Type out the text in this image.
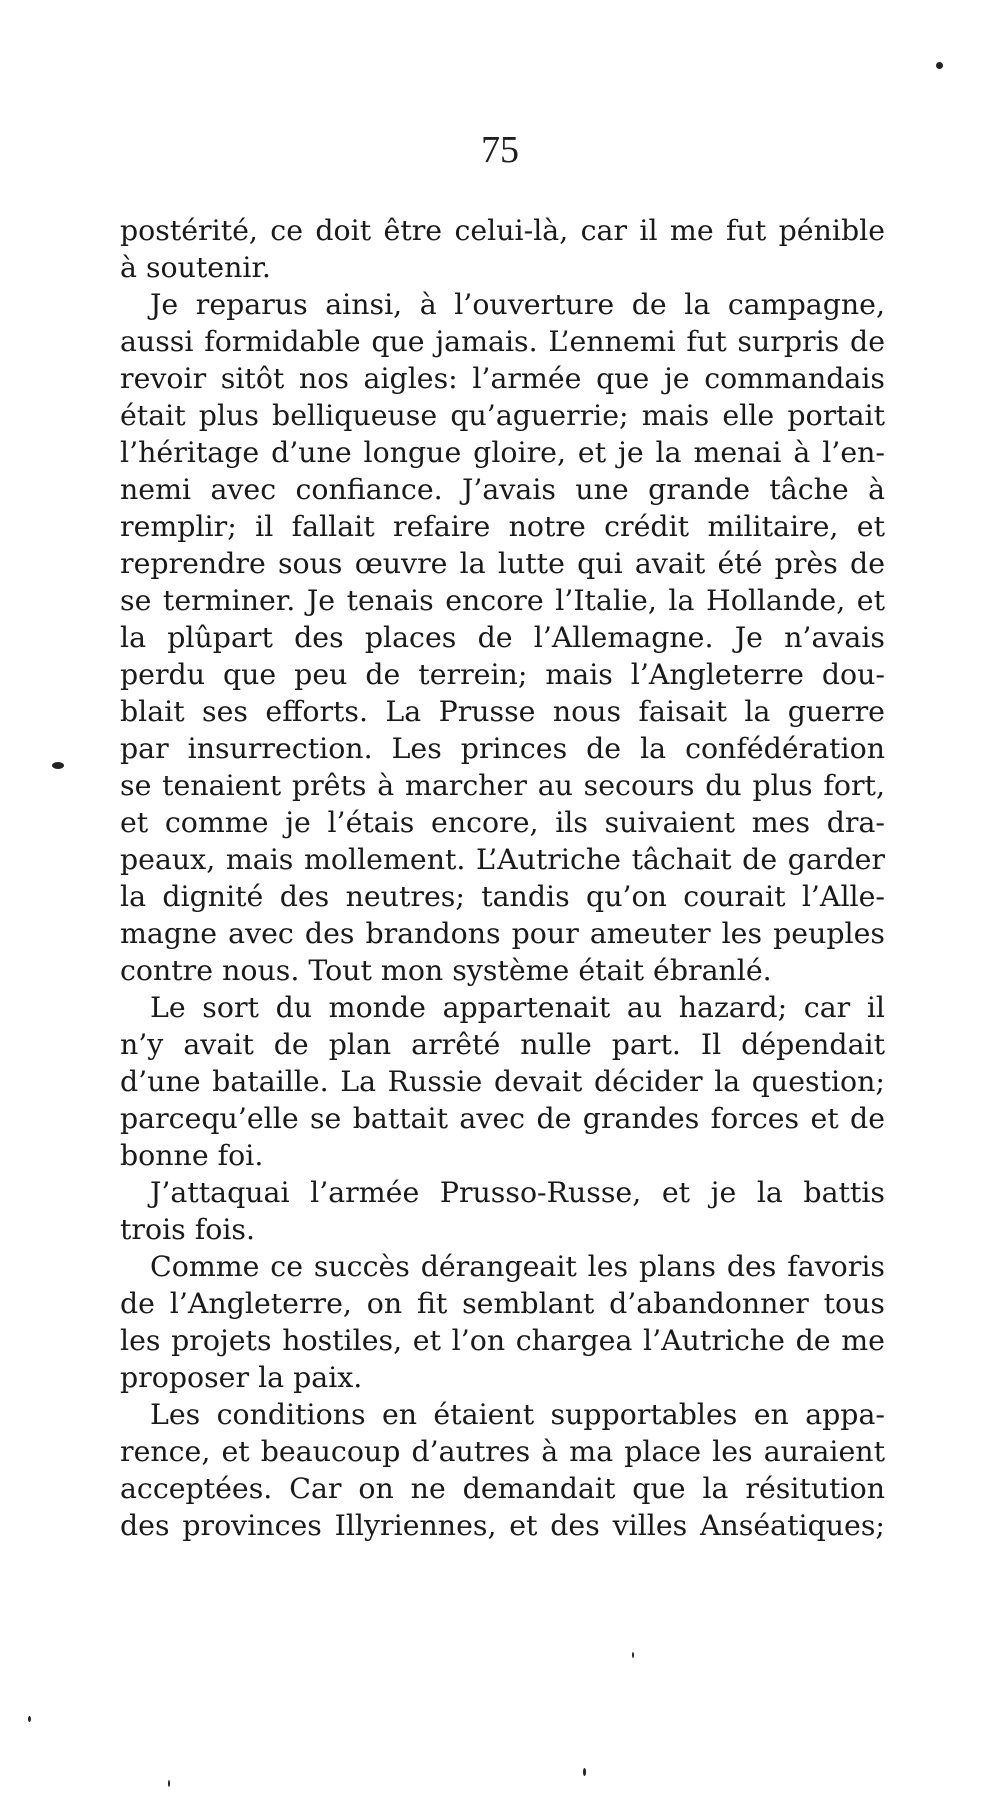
75

postérité, ce doit être celui-là, car il me fut pénible
à soutenir.

Je reparus ainsi, à l’ouverture de la campagne,
aussi formidable que jamais. L’ennemi fut surpris de
revoir sitôt nos aigles: l’armée que je commandais
était plus belliqueuse qu’aguerrie; mais elle portait
l’héritage d’une longue gloire, et je la menai à l’en-
nemi avec confiance. J’avais une grande tâche à
remplir; il fallait refaire notre crédit militaire, et
reprendre sous œuvre la lutte qui avait été près de
se terminer. Je tenais encore l’Italie, la Hollande, et
la plûpart des places de l’Allemagne. Je n’avais
perdu que peu de terrein; mais l’Angleterre dou-
blait ses efforts. La Prusse nous faisait la guerre
par insurrection. Les princes de la confédération
se tenaient prêts à marcher au secours du plus fort,
et comme je l’étais encore, ils suivaient mes dra-
peaux, mais mollement. L’Autriche tâchait de garder
la dignité des neutres; tandis qu’on courait l’Alle-
magne avec des brandons pour ameuter les peuples
contre nous. Tout mon système était ébranlé.

Le sort du monde appartenait au hazard; car il
n’y avait de plan arrêté nulle part. Il dépendait
d’une bataille. La Russie devait décider la question;
parcequ’elle se battait avec de grandes forces et de
bonne foi.

J’attaquai l’armée Prusso-Russe, et je la battis
trois fois.

Comme ce succès dérangeait les plans des favoris
de l’Angleterre, on fit semblant d’abandonner tous
les projets hostiles, et l’on chargea l’Autriche de me
proposer la paix.

Les conditions en étaient supportables en appa-
rence, et beaucoup d’autres à ma place les auraient
acceptées. Car on ne demandait que la résitution
des provinces Illyriennes, et des villes Anséatiques;
